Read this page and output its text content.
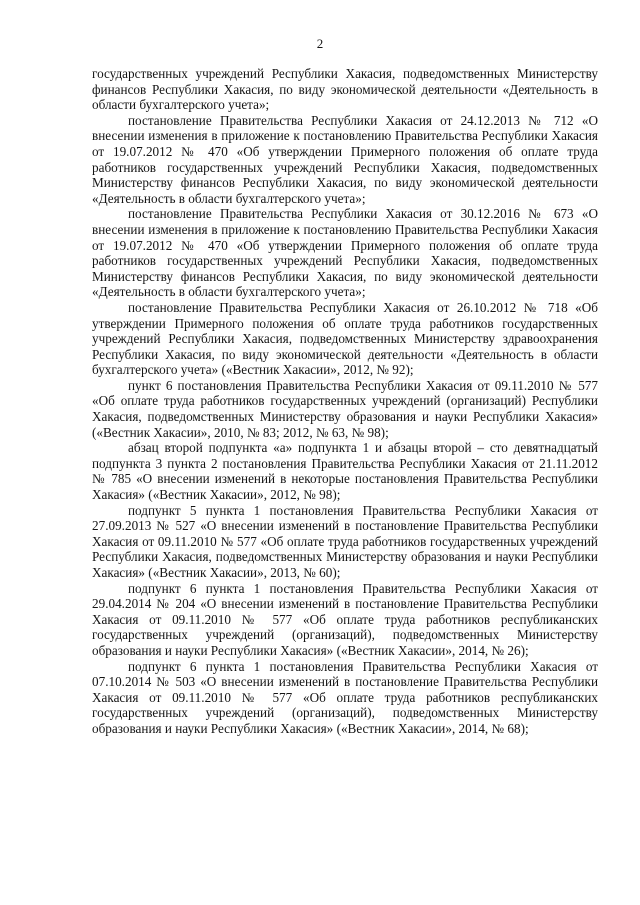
2

государственных учреждений Республики Хакасия, подведомственных Министерству финансов Республики Хакасия, по виду экономической деятельности «Деятельность в области бухгалтерского учета»;

постановление Правительства Республики Хакасия от 24.12.2013 № 712 «О внесении изменения в приложение к постановлению Правительства Республики Хакасия от 19.07.2012 № 470 «Об утверждении Примерного положения об оплате труда работников государственных учреждений Республики Хакасия, подведомственных Министерству финансов Республики Хакасия, по виду экономической деятельности «Деятельность в области бухгалтерского учета»;

постановление Правительства Республики Хакасия от 30.12.2016 № 673 «О внесении изменения в приложение к постановлению Правительства Республики Хакасия от 19.07.2012 № 470 «Об утверждении Примерного положения об оплате труда работников государственных учреждений Республики Хакасия, подведомственных Министерству финансов Республики Хакасия, по виду экономической деятельности «Деятельность в области бухгалтерского учета»;

постановление Правительства Республики Хакасия от 26.10.2012 № 718 «Об утверждении Примерного положения об оплате труда работников государственных учреждений Республики Хакасия, подведомственных Министерству здравоохранения Республики Хакасия, по виду экономической деятельности «Деятельность в области бухгалтерского учета» («Вестник Хакасии», 2012, № 92);

пункт 6 постановления Правительства Республики Хакасия от 09.11.2010 № 577 «Об оплате труда работников государственных учреждений (организаций) Республики Хакасия, подведомственных Министерству образования и науки Республики Хакасия» («Вестник Хакасии», 2010, № 83; 2012, № 63, № 98);

абзац второй подпункта «а» подпункта 1 и абзацы второй – сто девятнадцатый подпункта 3 пункта 2 постановления Правительства Республики Хакасия от 21.11.2012 № 785 «О внесении изменений в некоторые постановления Правительства Республики Хакасия» («Вестник Хакасии», 2012, № 98);

подпункт 5 пункта 1 постановления Правительства Республики Хакасия от 27.09.2013 № 527 «О внесении изменений в постановление Правительства Республики Хакасия от 09.11.2010 № 577 «Об оплате труда работников государственных учреждений Республики Хакасия, подведомственных Министерству образования и науки Республики Хакасия» («Вестник Хакасии», 2013, № 60);

подпункт 6 пункта 1 постановления Правительства Республики Хакасия от 29.04.2014 № 204 «О внесении изменений в постановление Правительства Республики Хакасия от 09.11.2010 № 577 «Об оплате труда работников республиканских государственных учреждений (организаций), подведомственных Министерству образования и науки Республики Хакасия» («Вестник Хакасии», 2014, № 26);

подпункт 6 пункта 1 постановления Правительства Республики Хакасия от 07.10.2014 № 503 «О внесении изменений в постановление Правительства Республики Хакасия от 09.11.2010 № 577 «Об оплате труда работников республиканских государственных учреждений (организаций), подведомственных Министерству образования и науки Республики Хакасия» («Вестник Хакасии», 2014, № 68);
